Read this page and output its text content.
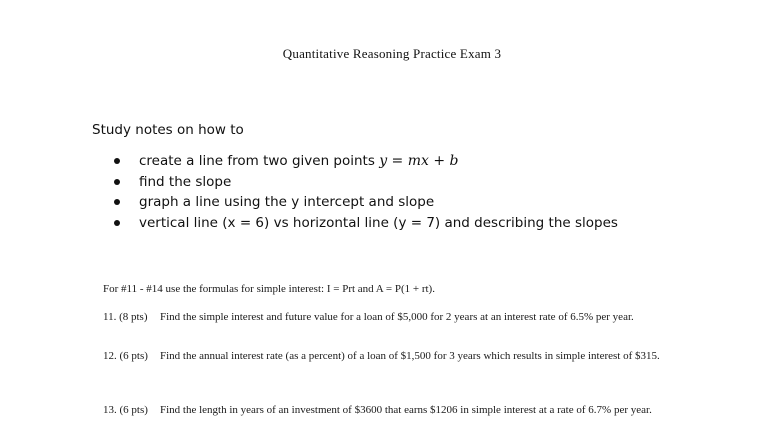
Quantitative Reasoning Practice Exam 3
Study notes on how to
create a line from two given points y = mx + b
find the slope
graph a line using the y intercept and slope
vertical line (x = 6) vs horizontal line (y = 7) and describing the slopes
For #11 - #14 use the formulas for simple interest: I = Prt and A = P(1 + rt).
11. (8 pts) Find the simple interest and future value for a loan of $5,000 for 2 years at an interest rate of 6.5% per year.
12. (6 pts) Find the annual interest rate (as a percent) of a loan of $1,500 for 3 years which results in simple interest of $315.
13. (6 pts) Find the length in years of an investment of $3600 that earns $1206 in simple interest at a rate of 6.7% per year.
